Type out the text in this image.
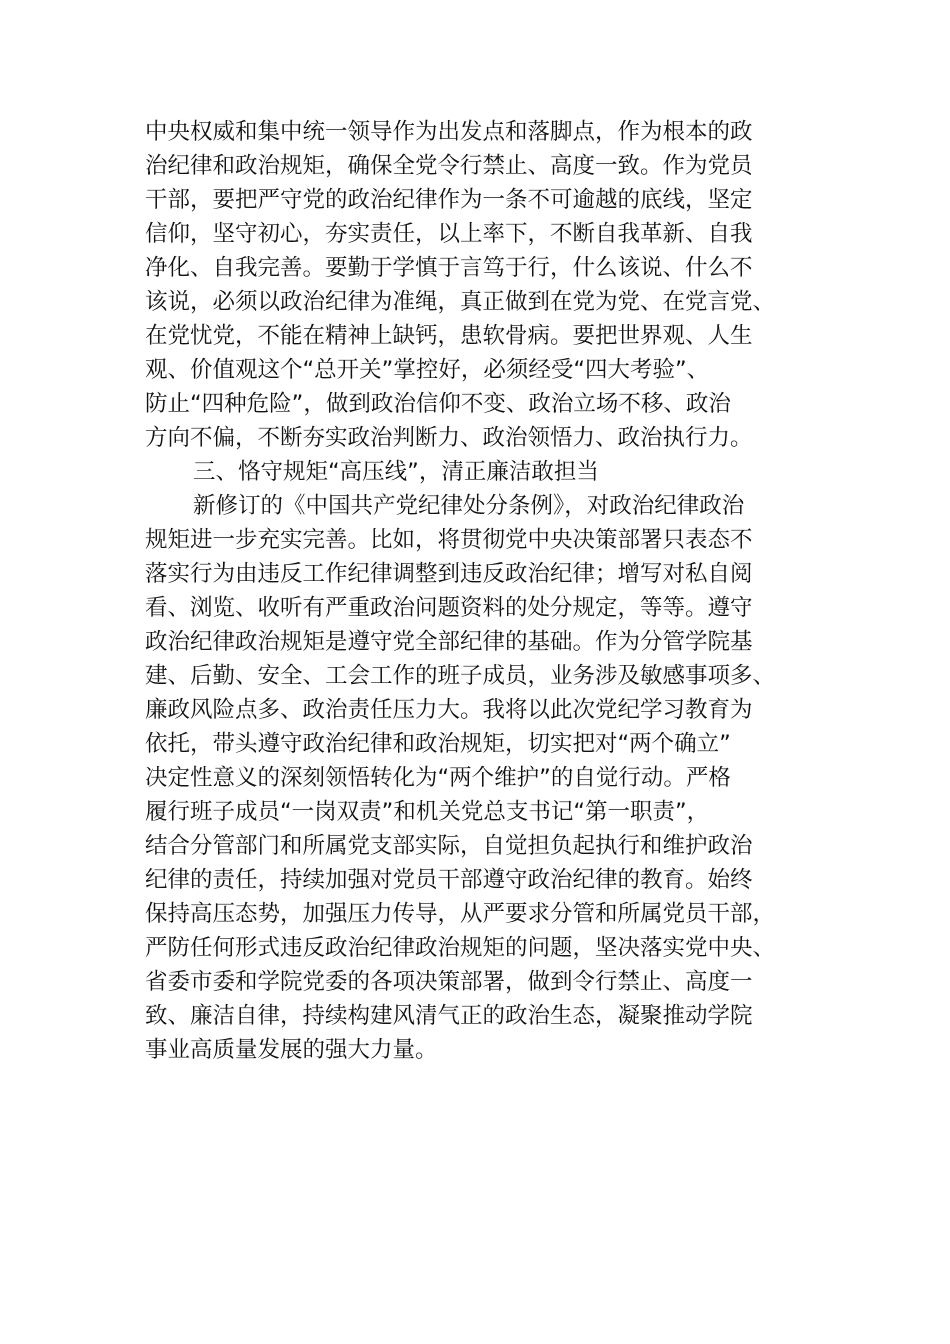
中央权威和集中统一领导作为出发点和落脚点，作为根本的政
治纪律和政治规矩，确保全党令行禁止、高度一致。作为党员
干部，要把严守党的政治纪律作为一条不可逾越的底线，坚定
信仰，坚守初心，夯实责任，以上率下，不断自我革新、自我
净化、自我完善。要勤于学慎于言笃于行，什么该说、什么不
该说，必须以政治纪律为准绳，真正做到在党为党、在党言党、
在党忧党，不能在精神上缺钙，患软骨病。要把世界观、人生
观、价值观这个“总开关”掌控好，必须经受“四大考验”、
防止“四种危险”，做到政治信仰不变、政治立场不移、政治
方向不偏，不断夯实政治判断力、政治领悟力、政治执行力。
三、恪守规矩“高压线”，清正廉洁敢担当
新修订的《中国共产党纪律处分条例》，对政治纪律政治
规矩进一步充实完善。比如，将贯彻党中央决策部署只表态不
落实行为由违反工作纪律调整到违反政治纪律；增写对私自阅
看、浏览、收听有严重政治问题资料的处分规定，等等。遵守
政治纪律政治规矩是遵守党全部纪律的基础。作为分管学院基
建、后勤、安全、工会工作的班子成员，业务涉及敏感事项多、
廉政风险点多、政治责任压力大。我将以此次党纪学习教育为
依托，带头遵守政治纪律和政治规矩，切实把对“两个确立”
决定性意义的深刻领悟转化为“两个维护”的自觉行动。严格
履行班子成员“一岗双责”和机关党总支书记“第一职责”，
结合分管部门和所属党支部实际，自觉担负起执行和维护政治
纪律的责任，持续加强对党员干部遵守政治纪律的教育。始终
保持高压态势，加强压力传导，从严要求分管和所属党员干部，
严防任何形式违反政治纪律政治规矩的问题，坚决落实党中央、
省委市委和学院党委的各项决策部署，做到令行禁止、高度一
致、廉洁自律，持续构建风清气正的政治生态，凝聚推动学院
事业高质量发展的强大力量。
